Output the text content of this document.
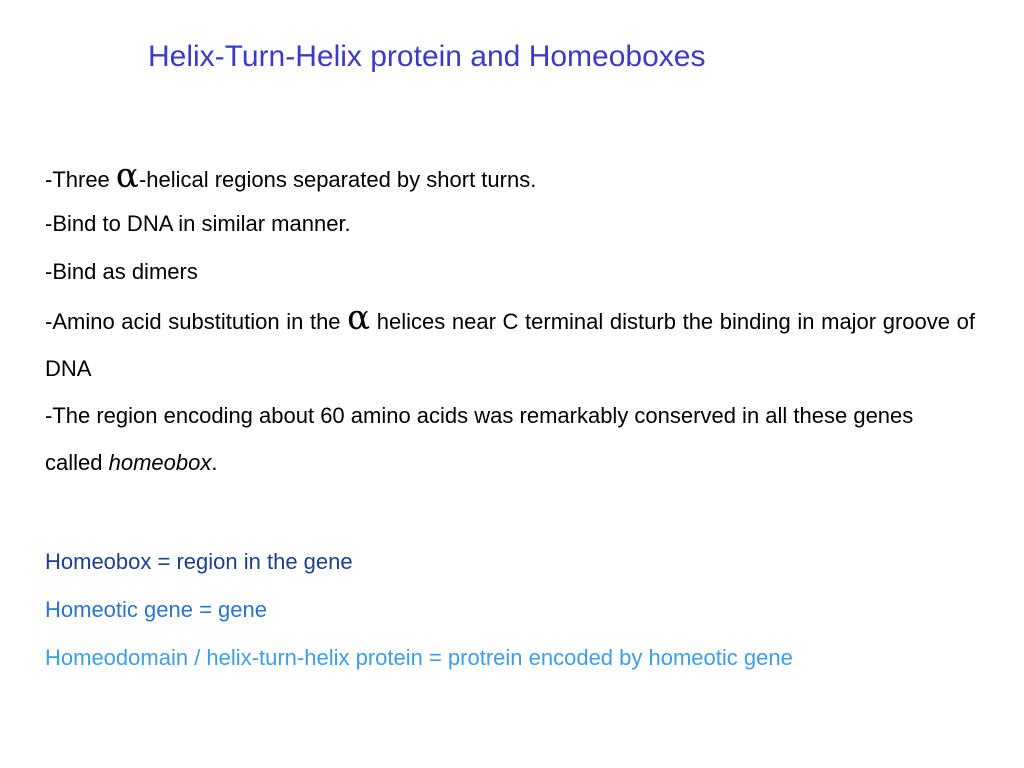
Helix-Turn-Helix protein and Homeoboxes
-Three α-helical regions separated by short turns.
-Bind to DNA in similar manner.
-Bind as dimers
-Amino acid substitution in the α helices near C terminal disturb the binding in major groove of DNA
-The region encoding about 60 amino acids was remarkably conserved in all these genes called homeobox.
Homeobox = region in the gene
Homeotic gene = gene
Homeodomain / helix-turn-helix protein = protrein encoded by homeotic gene
